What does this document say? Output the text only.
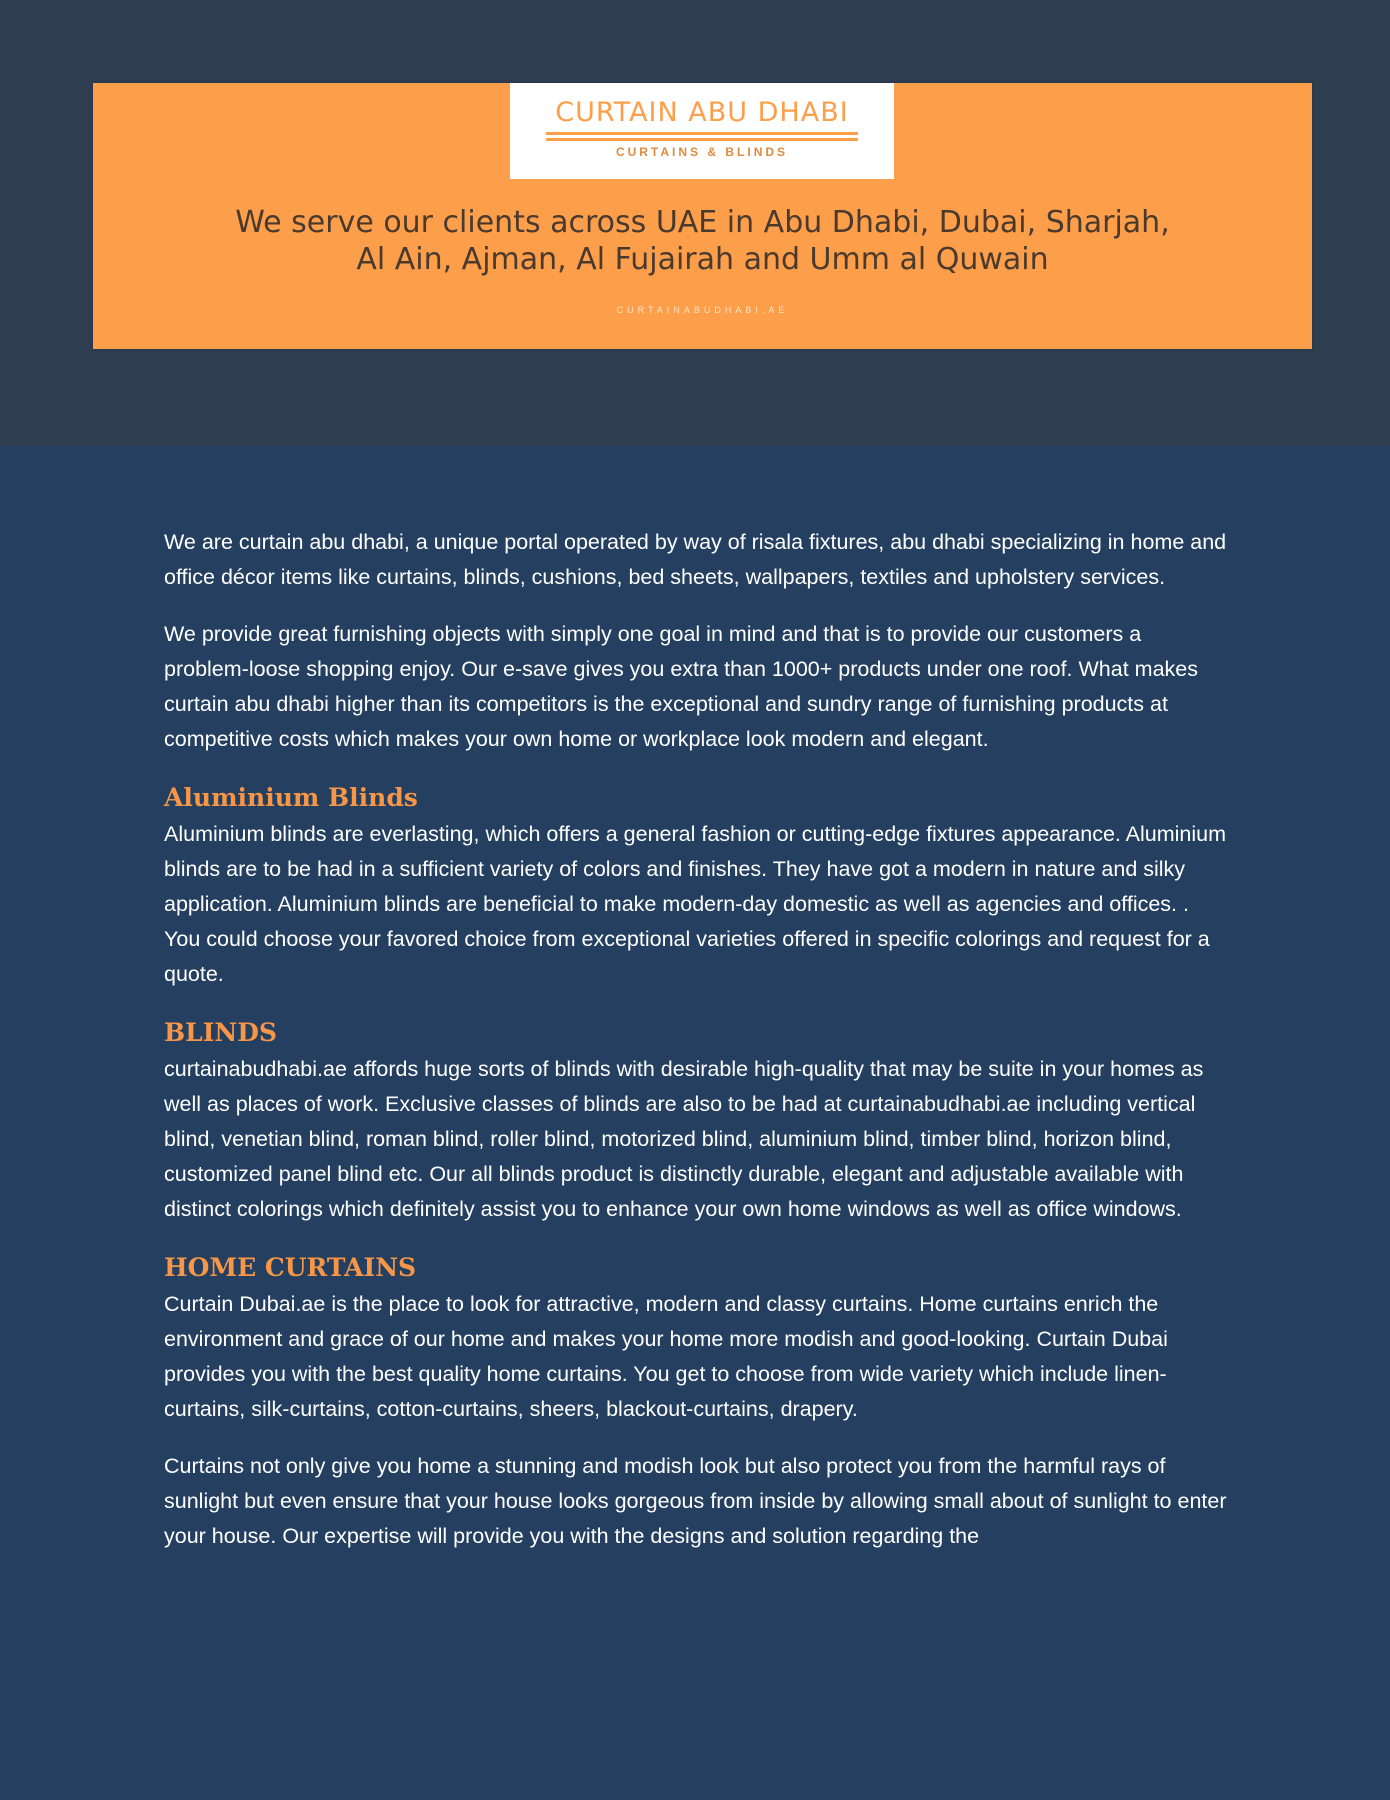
CURTAIN ABU DHABI
CURTAINS & BLINDS
We serve our clients across UAE in Abu Dhabi, Dubai, Sharjah,
Al Ain, Ajman, Al Fujairah and Umm al Quwain
CURTAINABUDHABI.AE

We are curtain abu dhabi, a unique portal operated by way of risala fixtures, abu dhabi specializing in home and office décor items like curtains, blinds, cushions, bed sheets, wallpapers, textiles and upholstery services.

We provide great furnishing objects with simply one goal in mind and that is to provide our customers a problem-loose shopping enjoy. Our e-save gives you extra than 1000+ products under one roof. What makes curtain abu dhabi higher than its competitors is the exceptional and sundry range of furnishing products at competitive costs which makes your own home or workplace look modern and elegant.

Aluminium Blinds

Aluminium blinds are everlasting, which offers a general fashion or cutting-edge fixtures appearance. Aluminium blinds are to be had in a sufficient variety of colors and finishes. They have got a modern in nature and silky application. Aluminium blinds are beneficial to make modern-day domestic as well as agencies and offices. . You could choose your favored choice from exceptional varieties offered in specific colorings and request for a quote.

BLINDS

curtainabudhabi.ae affords huge sorts of blinds with desirable high-quality that may be suite in your homes as well as places of work. Exclusive classes of blinds are also to be had at curtainabudhabi.ae including vertical blind, venetian blind, roman blind, roller blind, motorized blind, aluminium blind, timber blind, horizon blind, customized panel blind etc. Our all blinds product is distinctly durable, elegant and adjustable available with distinct colorings which definitely assist you to enhance your own home windows as well as office windows.

HOME CURTAINS

Curtain Dubai.ae is the place to look for attractive, modern and classy curtains. Home curtains enrich the environment and grace of our home and makes your home more modish and good-looking. Curtain Dubai provides you with the best quality home curtains. You get to choose from wide variety which include linen-curtains, silk-curtains, cotton-curtains, sheers, blackout-curtains, drapery.

Curtains not only give you home a stunning and modish look but also protect you from the harmful rays of sunlight but even ensure that your house looks gorgeous from inside by allowing small about of sunlight to enter your house. Our expertise will provide you with the designs and solution regarding the
